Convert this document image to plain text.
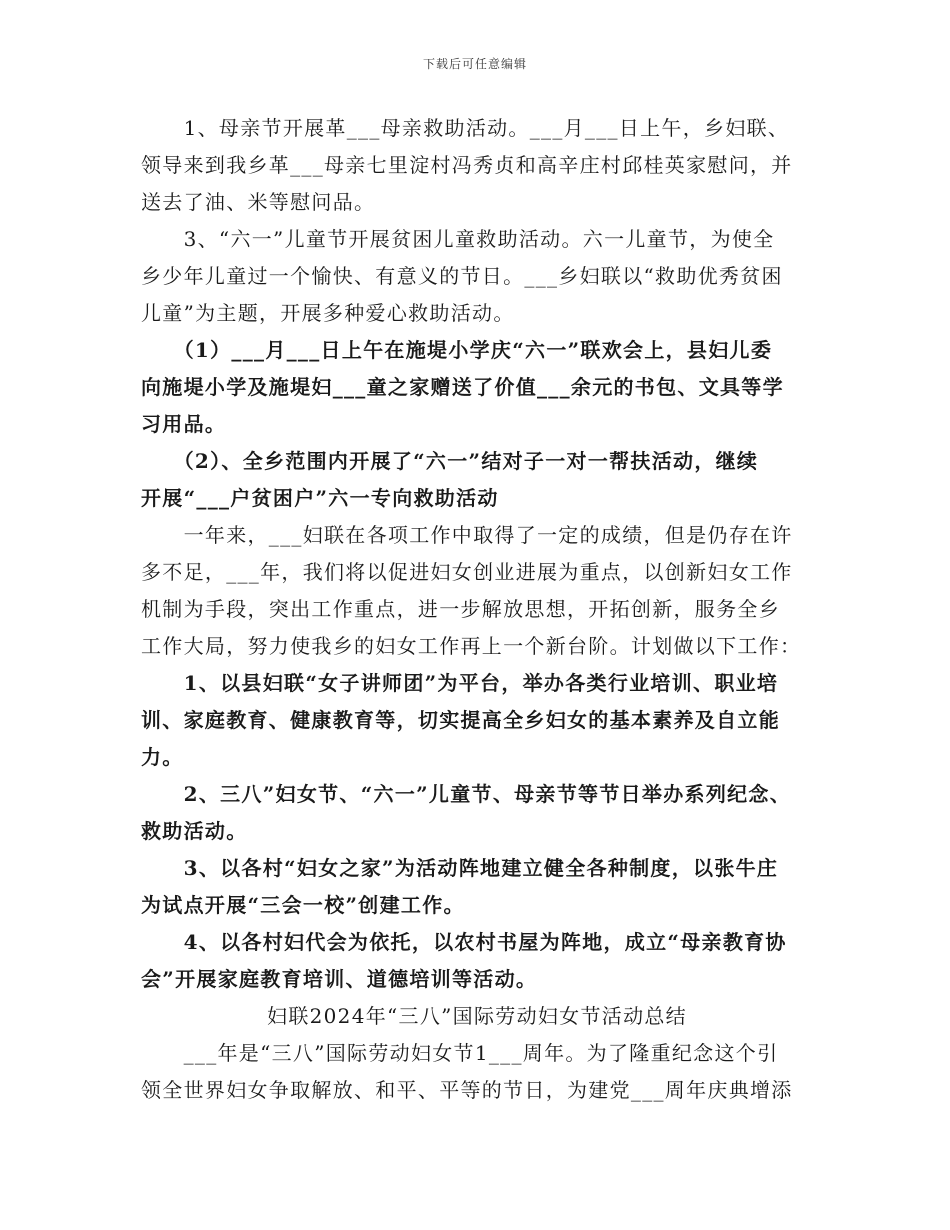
下载后可任意编辑
　　1、母亲节开展革___母亲救助活动。___月___日上午，乡妇联、
领导来到我乡革___母亲七里淀村冯秀贞和高辛庄村邱桂英家慰问，并
送去了油、米等慰问品。
　　3、“六一”儿童节开展贫困儿童救助活动。六一儿童节，为使全
乡少年儿童过一个愉快、有意义的节日。___乡妇联以“救助优秀贫困
儿童”为主题，开展多种爱心救助活动。
　　（1）___月___日上午在施堤小学庆“六一”联欢会上，县妇儿委
向施堤小学及施堤妇___童之家赠送了价值___余元的书包、文具等学
习用品。
　　（2）、全乡范围内开展了“六一”结对子一对一帮扶活动，继续
开展“___户贫困户”六一专向救助活动
　　一年来，___妇联在各项工作中取得了一定的成绩，但是仍存在许
多不足，___年，我们将以促进妇女创业进展为重点，以创新妇女工作
机制为手段，突出工作重点，进一步解放思想，开拓创新，服务全乡
工作大局，努力使我乡的妇女工作再上一个新台阶。计划做以下工作：
　　1、以县妇联“女子讲师团”为平台，举办各类行业培训、职业培
训、家庭教育、健康教育等，切实提高全乡妇女的基本素养及自立能
力。
　　2、三八”妇女节、“六一”儿童节、母亲节等节日举办系列纪念、
救助活动。
　　3、以各村“妇女之家”为活动阵地建立健全各种制度，以张牛庄
为试点开展“三会一校”创建工作。
　　4、以各村妇代会为依托，以农村书屋为阵地，成立“母亲教育协
会”开展家庭教育培训、道德培训等活动。
妇联2024年“三八”国际劳动妇女节活动总结
　　___年是“三八”国际劳动妇女节1___周年。为了隆重纪念这个引
领全世界妇女争取解放、和平、平等的节日，为建党___周年庆典增添
